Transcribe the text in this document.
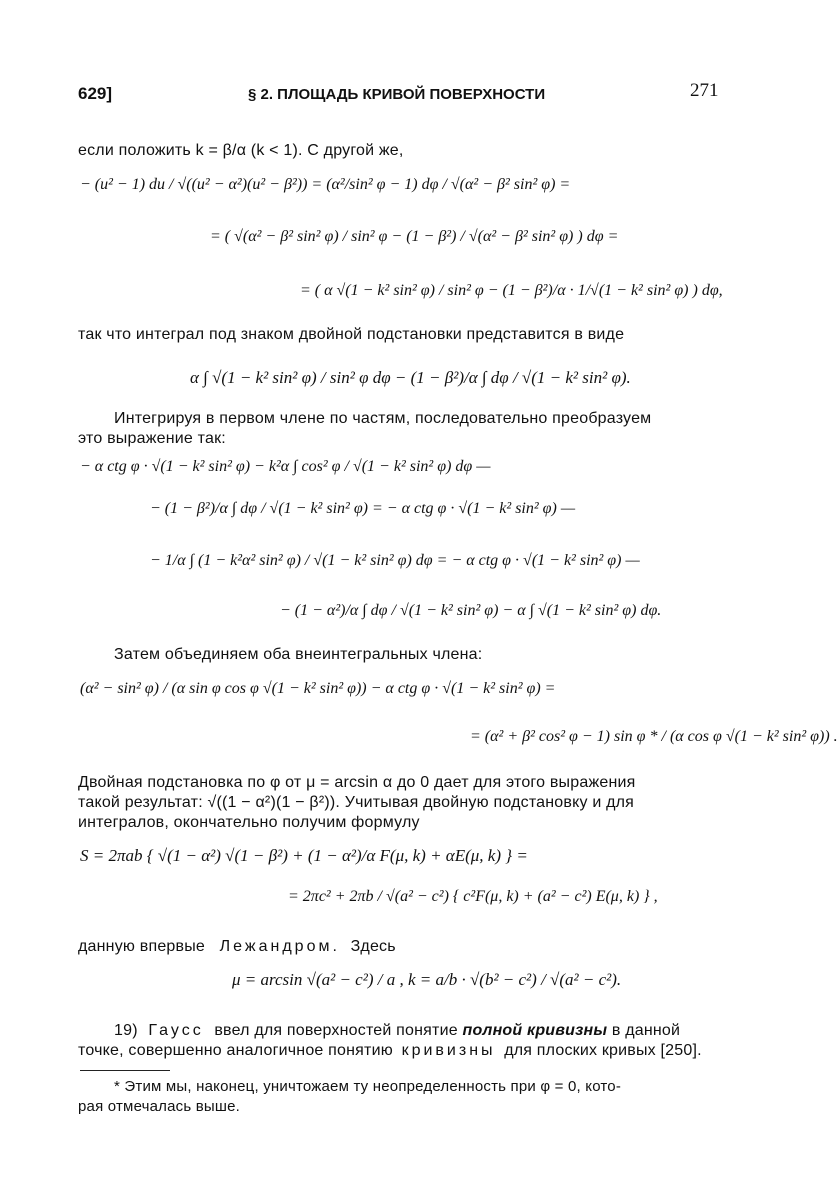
629]	§ 2. ПЛОЩАДЬ КРИВОЙ ПОВЕРХНОСТИ	271
если положить k = β/α (k < 1). С другой же,
− (u² − 1) du / √((u² − α²)(u² − β²)) = (α²/sin² φ − 1) dφ / √(α² − β² sin² φ) =
= ( √(α² − β² sin² φ) / sin² φ − (1 − β²) / √(α² − β² sin² φ) ) dφ =
= ( α √(1 − k² sin² φ) / sin² φ − (1 − β²)/α · 1/√(1 − k² sin² φ) ) dφ,
так что интеграл под знаком двойной подстановки представится в виде
α ∫ √(1 − k² sin² φ) / sin² φ dφ − (1 − β²)/α ∫ dφ / √(1 − k² sin² φ).
Интегрируя в первом члене по частям, последовательно преобразуем
это выражение так:
− α ctg φ · √(1 − k² sin² φ) − k²α ∫ cos² φ / √(1 − k² sin² φ) dφ —
− (1 − β²)/α ∫ dφ / √(1 − k² sin² φ) = − α ctg φ · √(1 − k² sin² φ) —
− 1/α ∫ (1 − k²α² sin² φ) / √(1 − k² sin² φ) dφ = − α ctg φ · √(1 − k² sin² φ) —
− (1 − α²)/α ∫ dφ / √(1 − k² sin² φ) − α ∫ √(1 − k² sin² φ) dφ.
Затем объединяем оба внеинтегральных члена:
(α² − sin² φ) / (α sin φ cos φ √(1 − k² sin² φ)) − α ctg φ · √(1 − k² sin² φ) =
= (α² + β² cos² φ − 1) sin φ * / (α cos φ √(1 − k² sin² φ)) .
Двойная подстановка по φ от μ = arcsin α до 0 дает для этого выражения
такой результат: √((1 − α²)(1 − β²)). Учитывая двойную подстановку и для
интегралов, окончательно получим формулу
S = 2πab { √(1 − α²) √(1 − β²) + (1 − α²)/α F(μ, k) + αE(μ, k) } =
= 2πc² + 2πb / √(a² − c²) { c²F(μ, k) + (a² − c²) E(μ, k) } ,
данную впервые Лежандром. Здесь
μ = arcsin √(a² − c²) / a , k = a/b · √(b² − c²) / √(a² − c²).
19) Гаусс ввел для поверхностей понятие полной кривизны в данной
точке, совершенно аналогичное понятию кривизны для плоских кривых [250].
* Этим мы, наконец, уничтожаем ту неопределенность при φ = 0, кото-
рая отмечалась выше.
